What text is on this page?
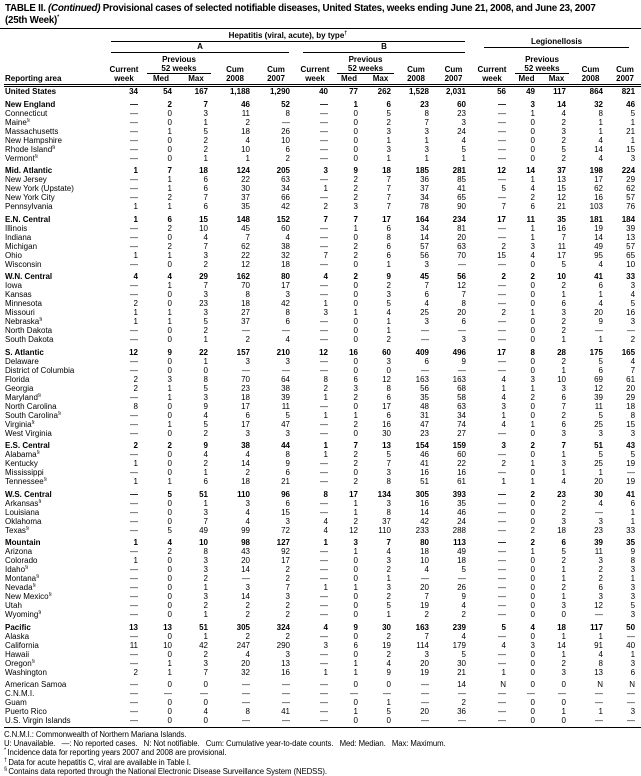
TABLE II. (Continued) Provisional cases of selected notifiable diseases, United States, weeks ending June 21, 2008, and June 23, 2007
(25th Week)*
Reporting area	Hepatitis (viral, acute), by type†										Legionellosis				

	A					B									

		Previous					Previous					Previous			
	Current	52 weeks		Cum	Cum	Current	52 weeks		Cum	Cum	Current	52 weeks		Cum	Cum
	week	Med	Max	2008	2007	week	Med	Max	2008	2007	week	Med	Max	2008	2007
United States	34	54	167	1,188	1,290	40	77	262	1,528	2,031	56	49	117	864	821
New England	—	2	7	46	52	—	1	6	23	60	—	3	14	32	46
Connecticut	—	0	3	11	8	—	0	5	8	23	—	1	4	8	5
Maine§	—	0	1	2	—	—	0	2	7	3	—	0	2	1	1
Massachusetts	—	1	5	18	26	—	0	3	3	24	—	0	3	1	21
New Hampshire	—	0	2	4	10	—	0	1	1	4	—	0	2	4	1
Rhode Island§	—	0	2	10	6	—	0	3	3	5	—	0	5	14	15
Vermont§	—	0	1	1	2	—	0	1	1	1	—	0	2	4	3
Mid. Atlantic	1	7	18	124	205	3	9	18	185	281	12	14	37	198	224
New Jersey	—	1	6	22	63	—	2	7	36	85	—	1	13	17	29
New York (Upstate)	—	1	6	30	34	1	2	7	37	41	5	4	15	62	62
New York City	—	2	7	37	66	—	2	7	34	65	—	2	12	16	57
Pennsylvania	1	1	6	35	42	2	3	7	78	90	7	6	21	103	76
E.N. Central	1	6	15	148	152	7	7	17	164	234	17	11	35	181	184
Illinois	—	2	10	45	60	—	1	6	34	81	—	1	16	19	39
Indiana	—	0	4	7	4	—	0	8	14	20	—	1	7	14	13
Michigan	—	2	7	62	38	—	2	6	57	63	2	3	11	49	57
Ohio	1	1	3	22	32	7	2	6	56	70	15	4	17	95	65
Wisconsin	—	0	2	12	18	—	0	1	3	—	—	0	5	4	10
W.N. Central	4	4	29	162	80	4	2	9	45	56	2	2	10	41	33
Iowa	—	1	7	70	17	—	0	2	7	12	—	0	2	6	3
Kansas	—	0	3	8	3	—	0	3	6	7	—	0	1	1	4
Minnesota	2	0	23	18	42	1	0	5	4	8	—	0	6	4	5
Missouri	1	1	3	27	8	3	1	4	25	20	2	1	3	20	16
Nebraska§	1	1	5	37	6	—	0	1	3	6	—	0	2	9	3
North Dakota	—	0	2	—	—	—	0	1	—	—	—	0	2	—	—
South Dakota	—	0	1	2	4	—	0	2	—	3	—	0	1	1	2
S. Atlantic	12	9	22	157	210	12	16	60	409	496	17	8	28	175	165
Delaware	—	0	1	3	3	—	0	3	6	9	—	0	2	5	4
District of Columbia	—	0	0	—	—	—	0	0	—	—	—	0	1	6	7
Florida	2	3	8	70	64	8	6	12	163	163	4	3	10	69	61
Georgia	2	1	5	23	38	2	3	8	56	68	1	1	3	12	20
Maryland§	—	1	3	18	39	1	2	6	35	58	4	2	6	39	29
North Carolina	8	0	9	17	11	—	0	17	48	63	3	0	7	11	18
South Carolina§	—	0	4	6	5	1	1	6	31	34	1	0	2	5	8
Virginia§	—	1	5	17	47	—	2	16	47	74	4	1	6	25	15
West Virginia	—	0	2	3	3	—	0	30	23	27	—	0	3	3	3
E.S. Central	2	2	9	38	44	1	7	13	154	159	3	2	7	51	43
Alabama§	—	0	4	4	8	1	2	5	46	60	—	0	1	5	5
Kentucky	1	0	2	14	9	—	2	7	41	22	2	1	3	25	19
Mississippi	—	0	1	2	6	—	0	3	16	16	—	0	1	1	—
Tennessee§	1	1	6	18	21	—	2	8	51	61	1	1	4	20	19
W.S. Central	—	5	51	110	96	8	17	134	305	393	—	2	23	30	41
Arkansas§	—	0	1	3	6	—	1	3	16	35	—	0	2	4	6
Louisiana	—	0	3	4	15	—	1	8	14	46	—	0	2	—	1
Oklahoma	—	0	7	4	3	4	2	37	42	24	—	0	3	3	1
Texas§	—	5	49	99	72	4	12	110	233	288	—	2	18	23	33
Mountain	1	4	10	98	127	1	3	7	80	113	—	2	6	39	35
Arizona	—	2	8	43	92	—	1	4	18	49	—	1	5	11	9
Colorado	1	0	3	20	17	—	0	3	10	18	—	0	2	3	8
Idaho§	—	0	3	14	2	—	0	2	4	5	—	0	1	2	3
Montana§	—	0	2	—	2	—	0	1	—	—	—	0	1	2	1
Nevada§	—	0	1	3	7	1	1	3	20	26	—	0	2	6	3
New Mexico§	—	0	3	14	3	—	0	2	7	9	—	0	1	3	3
Utah	—	0	2	2	2	—	0	5	19	4	—	0	3	12	5
Wyoming§	—	0	1	2	2	—	0	1	2	2	—	0	0	—	3
Pacific	13	13	51	305	324	4	9	30	163	239	5	4	18	117	50
Alaska	—	0	1	2	2	—	0	2	7	4	—	0	1	1	—
California	11	10	42	247	290	3	6	19	114	179	4	3	14	91	40
Hawaii	—	0	2	4	3	—	0	2	3	5	—	0	1	4	1
Oregon§	—	1	3	20	13	—	1	4	20	30	—	0	2	8	3
Washington	2	1	7	32	16	1	1	9	19	21	1	0	3	13	6
American Samoa	—	0	0	—	—	—	0	0	—	14	N	0	0	N	N
C.N.M.I.	—	—	—	—	—	—	—	—	—	—	—	—	—	—	—
Guam	—	0	0	—	—	—	0	1	—	2	—	0	0	—	—
Puerto Rico	—	0	4	8	41	—	1	5	20	36	—	0	1	1	3
U.S. Virgin Islands	—	0	0	—	—	—	0	0	—	—	—	0	0	—	—
C.N.M.I.: Commonwealth of Northern Mariana Islands.
U: Unavailable.   —: No reported cases.   N: Not notifiable.   Cum: Cumulative year-to-date counts.   Med: Median.   Max: Maximum.
* Incidence data for reporting years 2007 and 2008 are provisional.
† Data for acute hepatitis C, viral are available in Table I.
§ Contains data reported through the National Electronic Disease Surveillance System (NEDSS).
